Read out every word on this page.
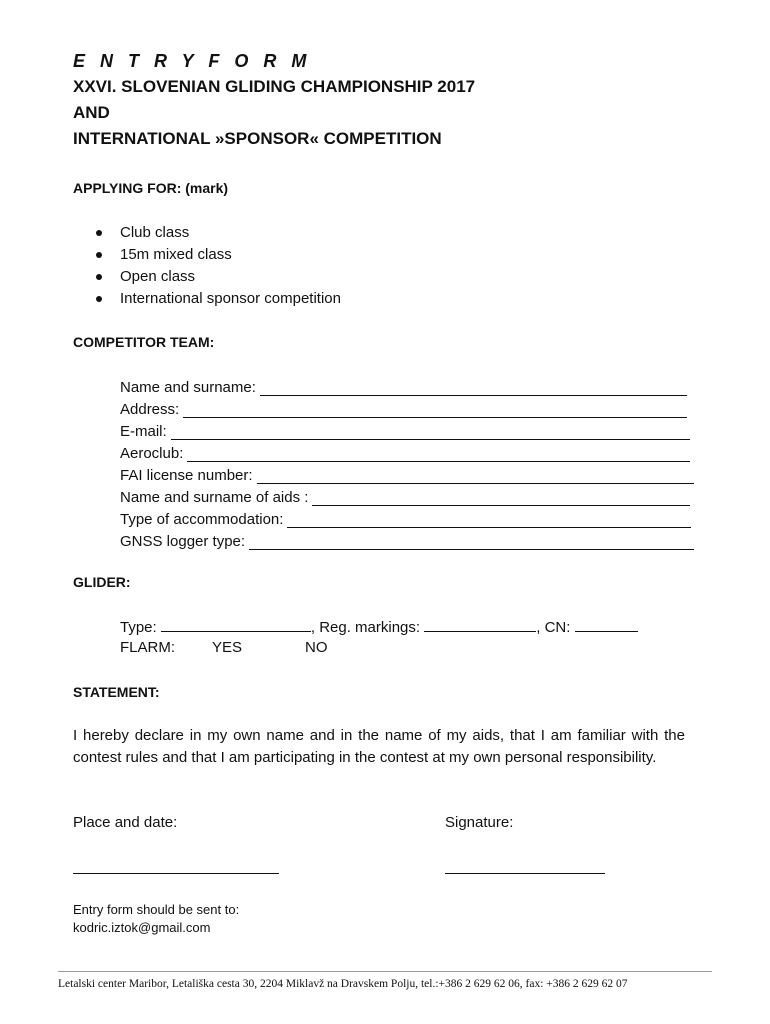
E N T R Y F O R M
XXVI. SLOVENIAN GLIDING CHAMPIONSHIP 2017
AND
INTERNATIONAL »SPONSOR« COMPETITION
APPLYING FOR: (mark)
Club class
15m mixed class
Open class
International sponsor competition
COMPETITOR TEAM:
Name and surname:
Address:
E-mail:
Aeroclub:
FAI license number:
Name and surname of aids :
Type of accommodation:
GNSS logger type:
GLIDER:
Type:	, Reg. markings:	, CN:
FLARM: YES	NO
STATEMENT:
I hereby declare in my own name and in the name of my aids, that I am familiar with the contest rules and that I am participating in the contest at my own personal responsibility.
Place and date:	Signature:
Entry form should be sent to:
kodric.iztok@gmail.com
Letalski center Maribor, Letališka cesta 30, 2204 Miklavž na Dravskem Polju, tel.:+386 2 629 62 06, fax: +386 2 629 62 07
